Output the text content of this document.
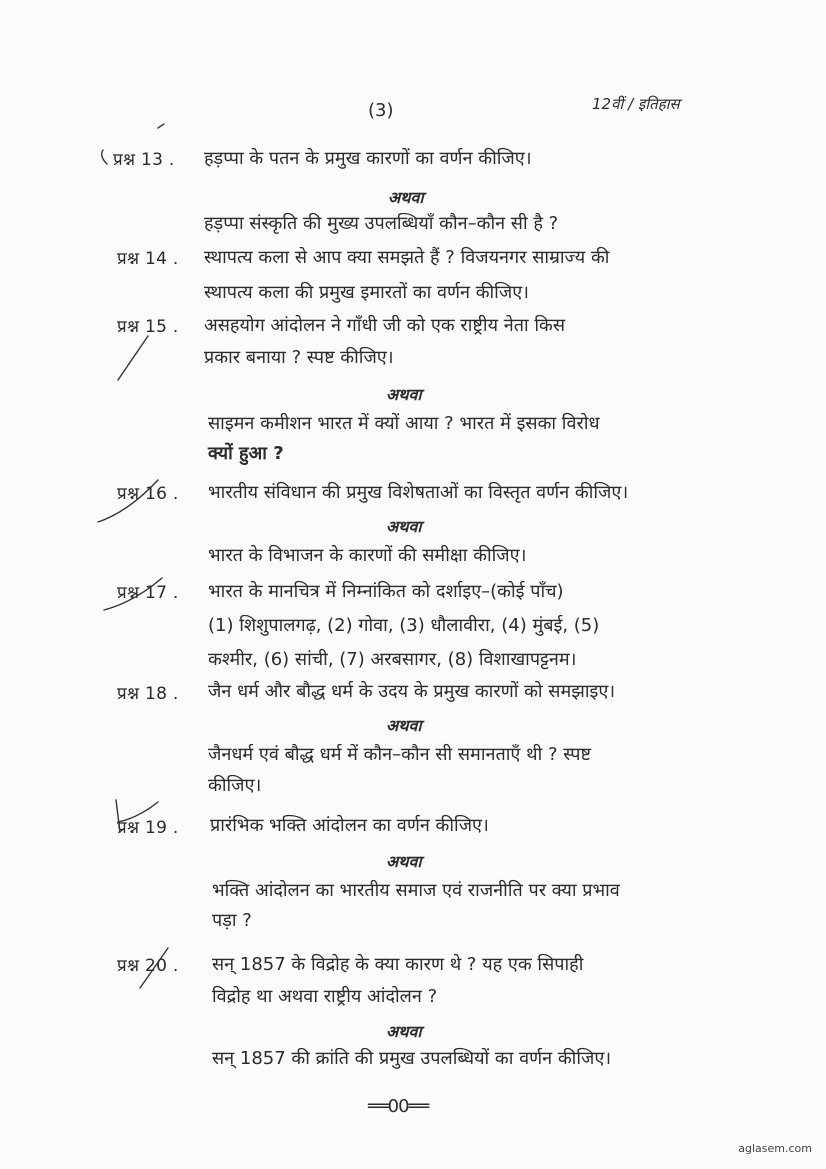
(3)	12वीं / इतिहास
प्रश्न 13 . हड़प्पा के पतन के प्रमुख कारणों का वर्णन कीजिए।
अथवा
हड़प्पा संस्कृति की मुख्य उपलब्धियाँ कौन–कौन सी है ?
प्रश्न 14 . स्थापत्य कला से आप क्या समझते हैं ? विजयनगर साम्राज्य की
स्थापत्य कला की प्रमुख इमारतों का वर्णन कीजिए।
प्रश्न 15 . असहयोग आंदोलन ने गाँधी जी को एक राष्ट्रीय नेता किस
प्रकार बनाया ? स्पष्ट कीजिए।
अथवा
साइमन कमीशन भारत में क्यों आया ? भारत में इसका विरोध
क्यों हुआ ?
प्रश्न 16 . भारतीय संविधान की प्रमुख विशेषताओं का विस्तृत वर्णन कीजिए।
अथवा
भारत के विभाजन के कारणों की समीक्षा कीजिए।
प्रश्न 17 . भारत के मानचित्र में निम्नांकित को दर्शाइए–(कोई पाँच)
(1) शिशुपालगढ़, (2) गोवा, (3) धौलावीरा, (4) मुंबई, (5)
कश्मीर, (6) सांची, (7) अरबसागर, (8) विशाखापट्टनम।
प्रश्न 18 . जैन धर्म और बौद्ध धर्म के उदय के प्रमुख कारणों को समझाइए।
अथवा
जैनधर्म एवं बौद्ध धर्म में कौन–कौन सी समानताएँ थी ? स्पष्ट
कीजिए।
प्रश्न 19 . प्रारंभिक भक्ति आंदोलन का वर्णन कीजिए।
अथवा
भक्ति आंदोलन का भारतीय समाज एवं राजनीति पर क्या प्रभाव
पड़ा ?
प्रश्न 20 . सन् 1857 के विद्रोह के क्या कारण थे ? यह एक सिपाही
विद्रोह था अथवा राष्ट्रीय आंदोलन ?
अथवा
सन् 1857 की क्रांति की प्रमुख उपलब्धियों का वर्णन कीजिए।
══00══
aglasem.com
